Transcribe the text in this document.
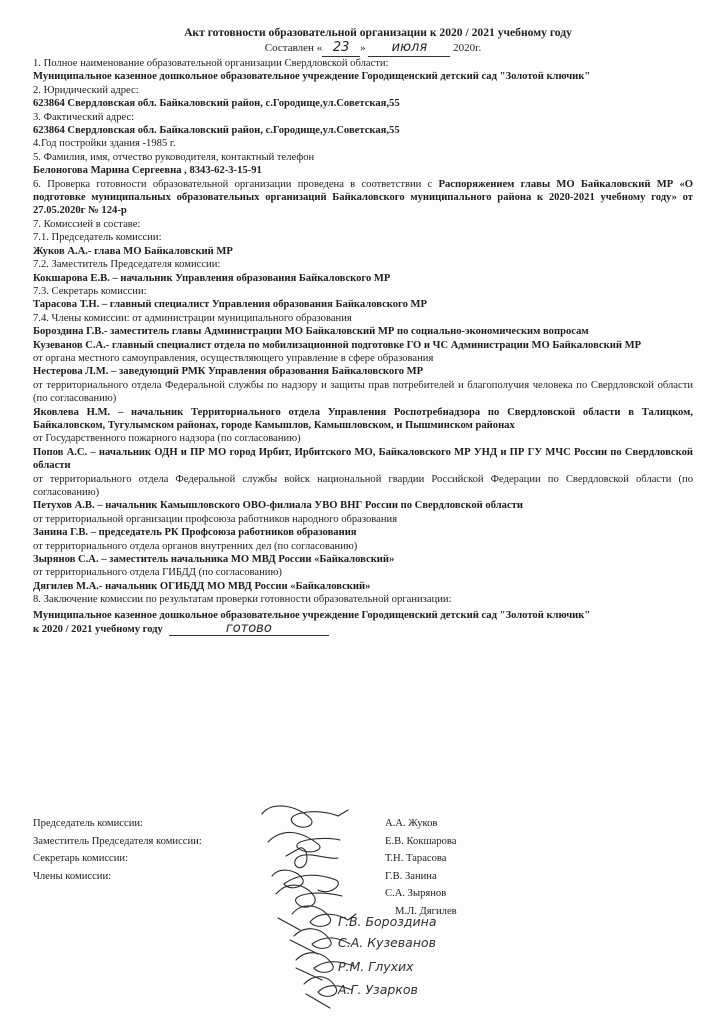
Акт готовности образовательной организации к 2020 / 2021 учебному году
Составлен « 23 » июля 2020г.

1. Полное наименование образовательной организации Свердловской области:

Муниципальное казенное дошкольное образовательное учреждение Городищенский детский сад "Золотой ключик"

2. Юридический адрес:

623864 Свердловская обл. Байкаловский район, с.Городище,ул.Советская,55

3. Фактический адрес:

623864 Свердловская обл. Байкаловский район, с.Городище,ул.Советская,55

4.Год постройки здания -1985 г.

5. Фамилия, имя, отчество руководителя, контактный телефон

Белоногова Марина Сергеевна , 8343-62-3-15-91

6. Проверка готовности образовательной организации проведена в соответствии с Распоряжением главы МО Байкаловский МР «О подготовке муниципальных образовательных организаций Байкаловского муниципального района к 2020-2021 учебному году» от 27.05.2020г № 124-р

7. Комиссией в составе:

7.1. Председатель комиссии:

Жуков А.А.- глава МО Байкаловский МР

7.2. Заместитель Председателя комиссии:

Кокшарова Е.В. – начальник Управления образования Байкаловского МР

7.3. Секретарь комиссии:

Тарасова Т.Н. – главный специалист Управления образования Байкаловского МР

7.4. Члены комиссии: от администрации муниципального образования

Бороздина Г.В.- заместитель главы Администрации МО Байкаловский МР по социально-экономическим вопросам

Кузеванов С.А.- главный специалист отдела по мобилизационной подготовке ГО и ЧС Администрации МО Байкаловский МР

от органа местного самоуправления, осуществляющего управление в сфере образования

Нестерова Л.М. – заведующий РМК Управления образования Байкаловского МР

от территориального отдела Федеральной службы по надзору и защиты прав потребителей и благополучия человека по Свердловской области (по согласованию)

Яковлева Н.М. – начальник Территориального отдела Управления Роспотребнадзора по Свердловской области в Талицком, Байкаловском, Тугулымском районах, городе Камышлов, Камышловском, и Пышминском районах

от Государственного пожарного надзора (по согласованию)

Попов А.С. – начальник ОДН и ПР МО город Ирбит, Ирбитского МО, Байкаловского МР УНД и ПР ГУ МЧС России по Свердловской области

от территориального отдела Федеральной службы войск национальной гвардии Российской Федерации по Свердловской области (по согласованию)

Петухов А.В. – начальник Камышловского ОВО-филиала УВО ВНГ России по Свердловской области

от территориальной организации профсоюза работников народного образования

Занина Г.В. – председатель РК Профсоюза работников образования

от территориального отдела органов внутренних дел (по согласованию)

Зырянов С.А. – заместитель начальника МО МВД России «Байкаловский»

от территориального отдела ГИБДД (по согласованию)

Дягилев М.А.- начальник ОГИБДД МО МВД России «Байкаловский»

8. Заключение комиссии по результатам проверки готовности образовательной организации:

Муниципальное казенное дошкольное образовательное учреждение Городищенский детский сад "Золотой ключик" к 2020 / 2021 учебному году	готово

Председатель комиссии:	А.А. Жуков
Заместитель Председателя комиссии:	Е.В. Кокшарова
Секретарь комиссии:	Т.Н. Тарасова
Члены комиссии:	Г.В. Занина
С.А. Зырянов
М.Л. Дягилев
Г.В. Бороздина
С.А. Кузеванов
Р.М. Глухих
А.Г. Узарков
